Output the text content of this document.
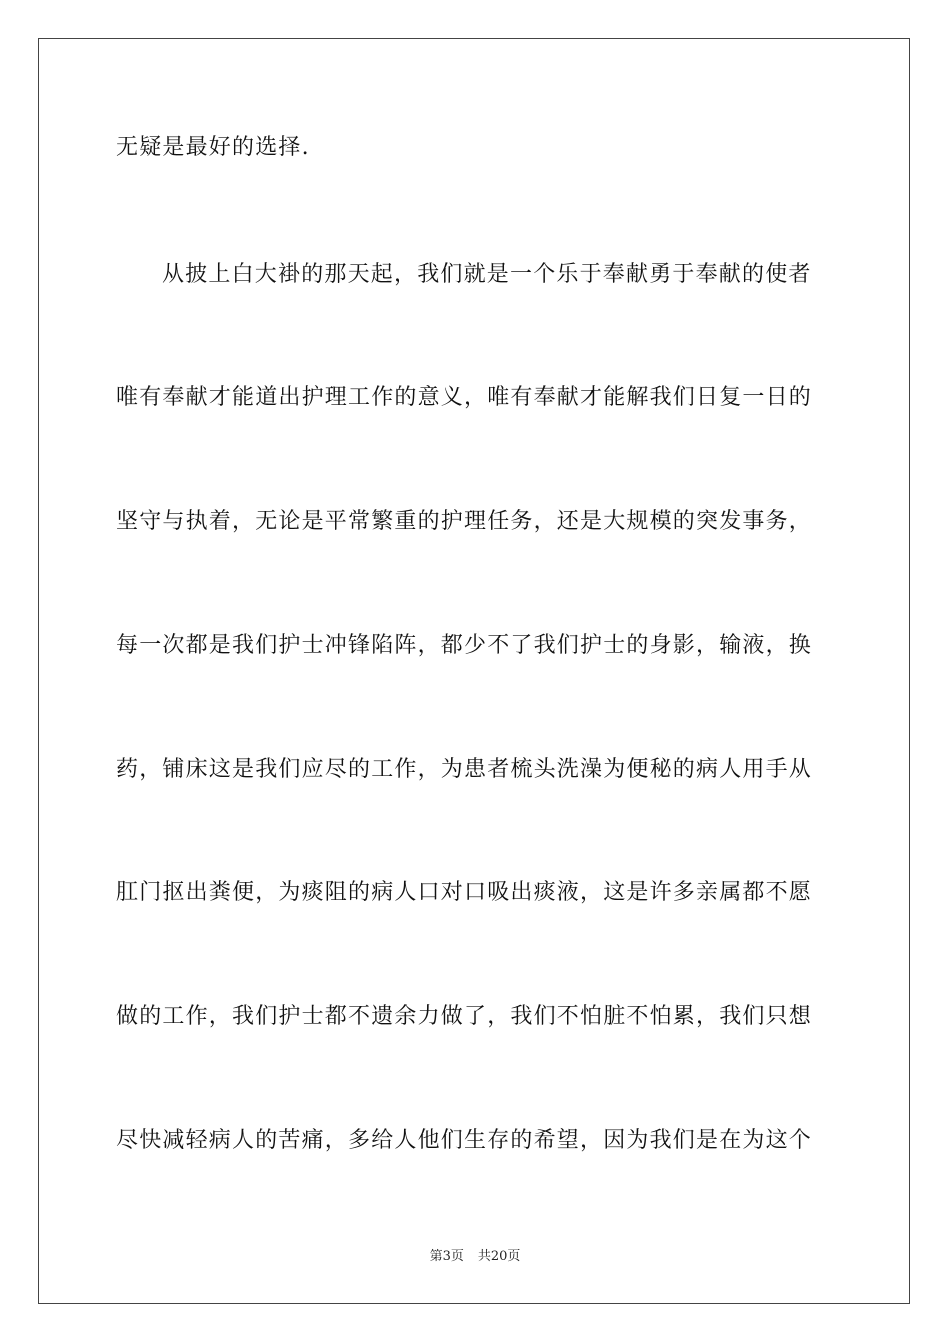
无疑是最好的选择.
从披上白大褂的那天起，我们就是一个乐于奉献勇于奉献的使者
唯有奉献才能道出护理工作的意义，唯有奉献才能解我们日复一日的
坚守与执着，无论是平常繁重的护理任务，还是大规模的突发事务，
每一次都是我们护士冲锋陷阵，都少不了我们护士的身影，输液，换
药，铺床这是我们应尽的工作，为患者梳头洗澡为便秘的病人用手从
肛门抠出粪便，为痰阻的病人口对口吸出痰液，这是许多亲属都不愿
做的工作，我们护士都不遗余力做了，我们不怕脏不怕累，我们只想
尽快减轻病人的苦痛，多给人他们生存的希望，因为我们是在为这个
第3页 共20页
